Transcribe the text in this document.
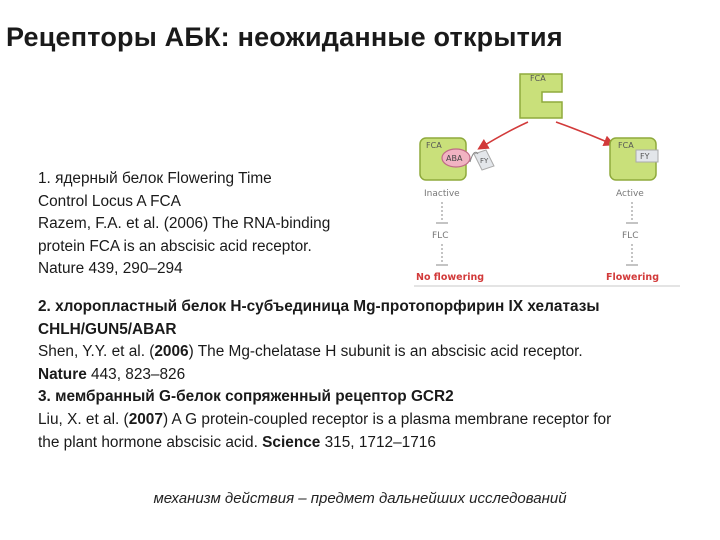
Рецепторы АБК: неожиданные открытия
1. ядерный белок Flowering Time
Control Locus A FCA
Razem, F.A. et al. (2006) The RNA-binding
protein FCA is an abscisic acid receptor.
Nature 439, 290–294
FCA
FCA
ABA	FY
FCA
FY
Inactive	Active
FLC	FLC
No flowering	Flowering
2. хлоропластный белок Н-субъединица Mg-протопорфирин IX хелатазы
CHLH/GUN5/ABAR
Shen, Y.Y. et al. (2006) The Mg-chelatase H subunit is an abscisic acid receptor.
Nature 443, 823–826
3. мембранный G-белок сопряженный рецептор GCR2
Liu, X. et al. (2007) A G protein-coupled receptor is a plasma membrane receptor for
the plant hormone abscisic acid. Science 315, 1712–1716
механизм действия – предмет дальнейших исследований
